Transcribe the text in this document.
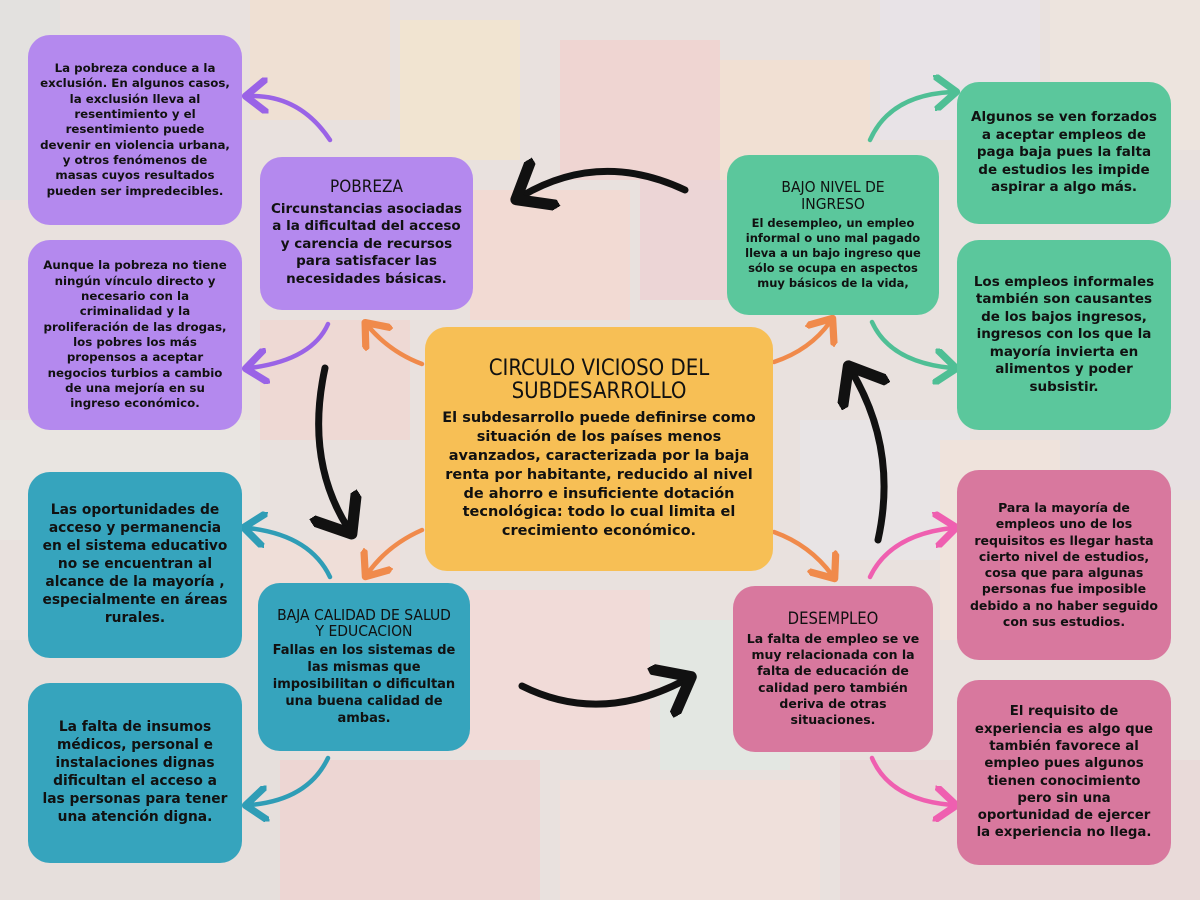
CIRCULO VICIOSO DEL SUBDESARROLLO
El subdesarrollo puede definirse como situación de los países menos avanzados, caracterizada por la baja renta por habitante, reducido al nivel de ahorro e insuficiente dotación tecnológica: todo lo cual limita el crecimiento económico.
POBREZA
Circunstancias asociadas a la dificultad del acceso y carencia de recursos para satisfacer las necesidades básicas.
BAJO NIVEL DE INGRESO
El desempleo, un empleo informal o uno mal pagado lleva a un bajo ingreso que sólo se ocupa en aspectos muy básicos de la vida,
BAJA CALIDAD DE SALUD Y EDUCACION
Fallas en los sistemas de las mismas que imposibilitan o dificultan una buena calidad de ambas.
DESEMPLEO
La falta de empleo se ve muy relacionada con la falta de educación de calidad pero también deriva de otras situaciones.
La pobreza conduce a la exclusión. En algunos casos, la exclusión lleva al resentimiento y el resentimiento puede devenir en violencia urbana, y otros fenómenos de masas cuyos resultados pueden ser impredecibles.
Aunque la pobreza no tiene ningún vínculo directo y necesario con la criminalidad y la proliferación de las drogas, los pobres los más propensos a aceptar negocios turbios a cambio de una mejoría en su ingreso económico.
Algunos se ven forzados a aceptar empleos de paga baja pues la falta de estudios les impide aspirar a algo más.
Los empleos informales también son causantes de los bajos ingresos, ingresos con los que la mayoría invierta en alimentos y poder subsistir.
Las oportunidades de acceso y permanencia en el sistema educativo no se encuentran al alcance de la mayoría , especialmente en áreas rurales.
La falta de insumos médicos, personal e instalaciones dignas dificultan el acceso a las personas para tener una atención digna.
Para la mayoría de empleos uno de los requisitos es llegar hasta cierto nivel de estudios, cosa que para algunas personas fue imposible debido a no haber seguido con sus estudios.
El requisito de experiencia es algo que también favorece al empleo pues algunos tienen conocimiento pero sin una oportunidad de ejercer la experiencia no llega.
